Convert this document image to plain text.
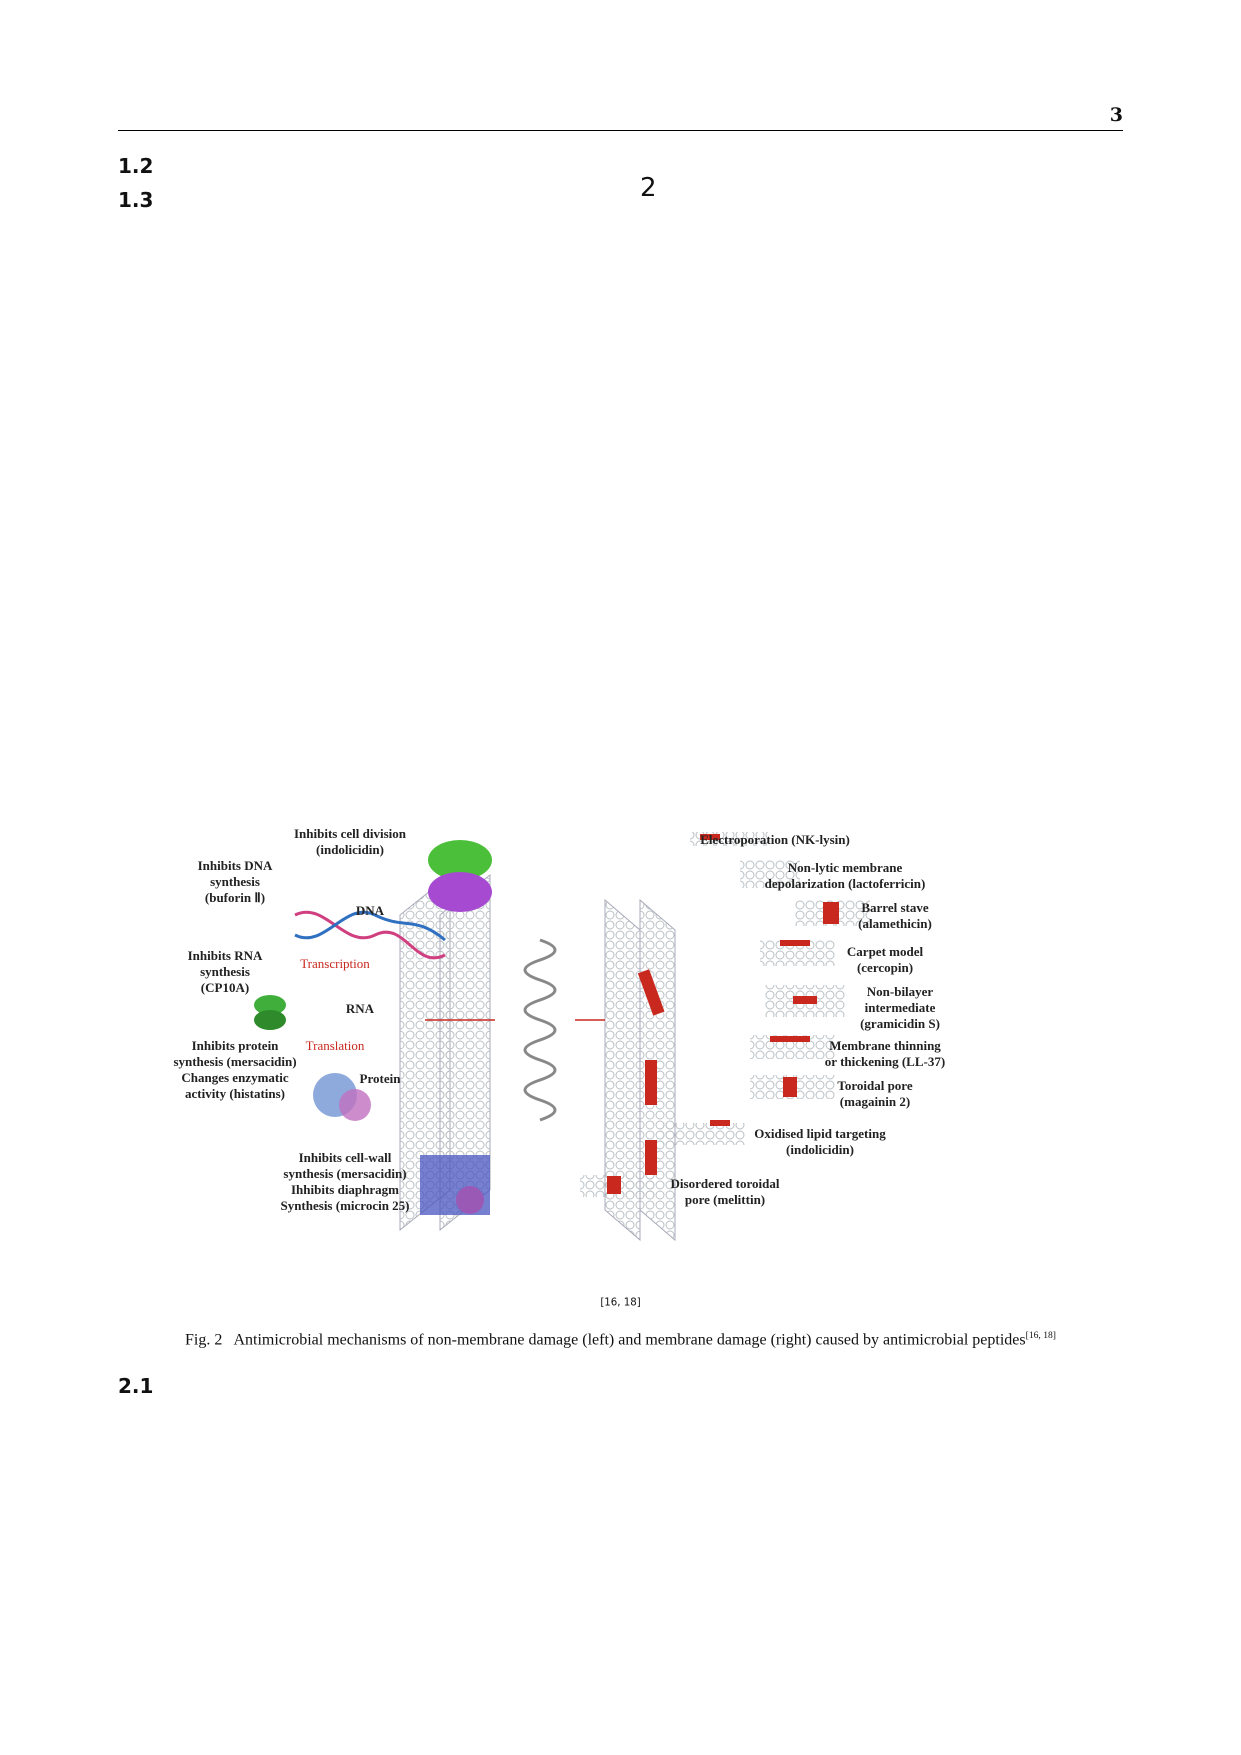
3

1.2

1.3	2

Inhibits cell division (indolicidin)
Inhibits DNA synthesis (buforin Ⅱ)
DNA
Transcription
Inhibits RNA synthesis (CP10A)
RNA
Translation
Inhibits protein synthesis (mersacidin) Changes enzymatic activity (histatins)
Protein
Inhibits cell-wall synthesis (mersacidin) Ihhibits diaphragm Synthesis (microcin 25)
Electroporation (NK-lysin)
Non-lytic membrane depolarization (lactoferricin)
Barrel stave (alamethicin)
Carpet model (cercopin)
Non-bilayer intermediate (gramicidin S)
Membrane thinning or thickening (LL-37)
Toroidal pore (magainin 2)
Oxidised lipid targeting (indolicidin)
Disordered toroidal pore (melittin)
[16, 18]
Fig. 2 Antimicrobial mechanisms of non-membrane damage (left) and membrane damage (right) caused by antimicrobial peptides[16, 18]
2.1
